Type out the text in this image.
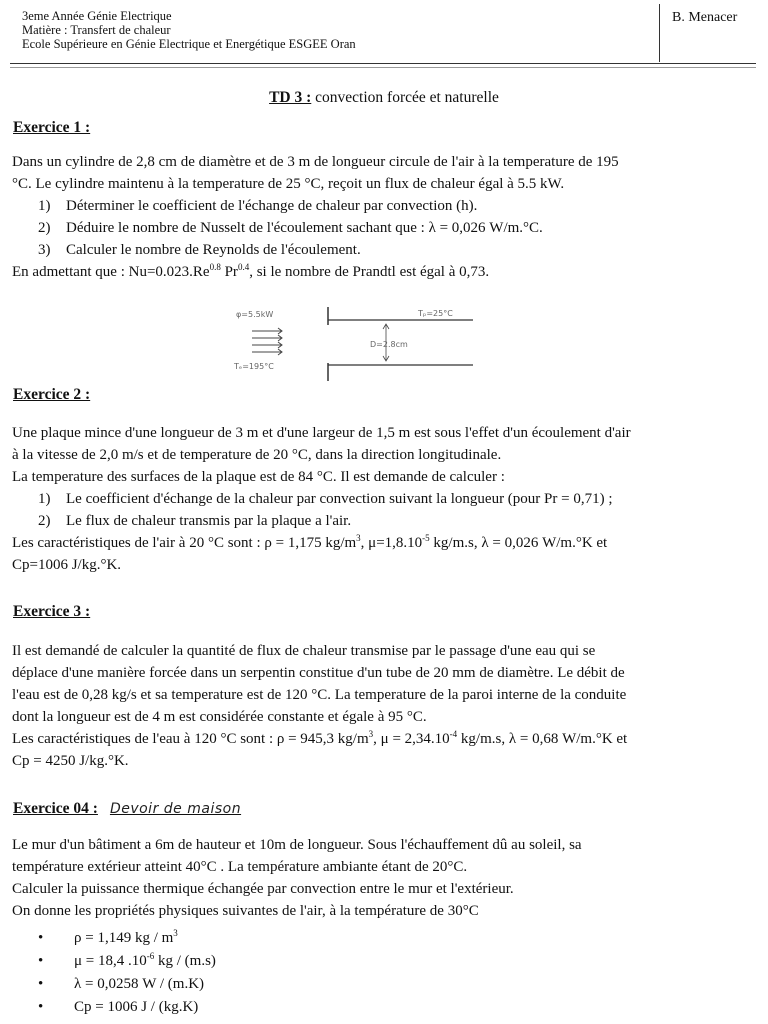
3eme Année Génie Electrique
Matière : Transfert de chaleur
Ecole Supérieure en Génie Electrique et Energétique ESGEE Oran
B. Menacer
TD 3 : convection forcée et naturelle
Exercice 1 :
Dans un cylindre de 2,8 cm de diamètre et de 3 m de longueur circule de l'air à la temperature de 195
°C. Le cylindre maintenu à la temperature de 25 °C, reçoit un flux de chaleur égal à 5.5 kW.
1) Déterminer le coefficient de l'échange de chaleur par convection (h).
2) Déduire le nombre de Nusselt de l'écoulement sachant que : λ = 0,026 W/m.°C.
3) Calculer le nombre de Reynolds de l'écoulement.
En admettant que : $Nu=0.023.Re^{0.8}$ $Pr^{0.4}$, si le nombre de Prandtl est égal à 0,73.
φ=5.5kW
Tₑ=195°C
Tₚ=25°C
D=2.8cm
Exercice 2 :
Une plaque mince d'une longueur de 3 m et d'une largeur de 1,5 m est sous l'effet d'un écoulement d'air
à la vitesse de 2,0 m/s et de temperature de 20 °C, dans la direction longitudinale.
La temperature des surfaces de la plaque est de 84 °C. Il est demande de calculer :
1) Le coefficient d'échange de la chaleur par convection suivant la longueur (pour Pr = 0,71) ;
2) Le flux de chaleur transmis par la plaque a l'air.
Les caractéristiques de l'air à 20 °C sont : ρ = 1,175 $kg/m^3$, $\mu=1,8.10^{-5}$ kg/m.s, λ = 0,026 W/m.°K et
Cp=1006 J/kg.°K.
Exercice 3 :
Il est demandé de calculer la quantité de flux de chaleur transmise par le passage d'une eau qui se
déplace d'une manière forcée dans un serpentin constitue d'un tube de 20 mm de diamètre. Le débit de
l'eau est de 0,28 kg/s et sa temperature est de 120 °C. La temperature de la paroi interne de la conduite
dont la longueur est de 4 m est considérée constante et égale à 95 °C.
Les caractéristiques de l'eau à 120 °C sont : ρ = 945,3 $kg/m^3$, $\mu = 2,34.10^{-4}$ kg/m.s, λ = 0,68 W/m.°K et
Cp = 4250 J/kg.°K.
Exercice 04 : Devoir de maison
Le mur d'un bâtiment a 6m de hauteur et 10m de longueur. Sous l'échauffement dû au soleil, sa
température extérieur atteint 40°C . La température ambiante étant de 20°C.
Calculer la puissance thermique échangée par convection entre le mur et l'extérieur.
On donne les propriétés physiques suivantes de l'air, à la température de 30°C
• ρ = 1,149 kg / $m^3$
• μ = 18,4 $.10^{-6}$ kg / (m.s)
• λ = 0,0258 W / (m.K)
• Cp = 1006 J / (kg.K)
